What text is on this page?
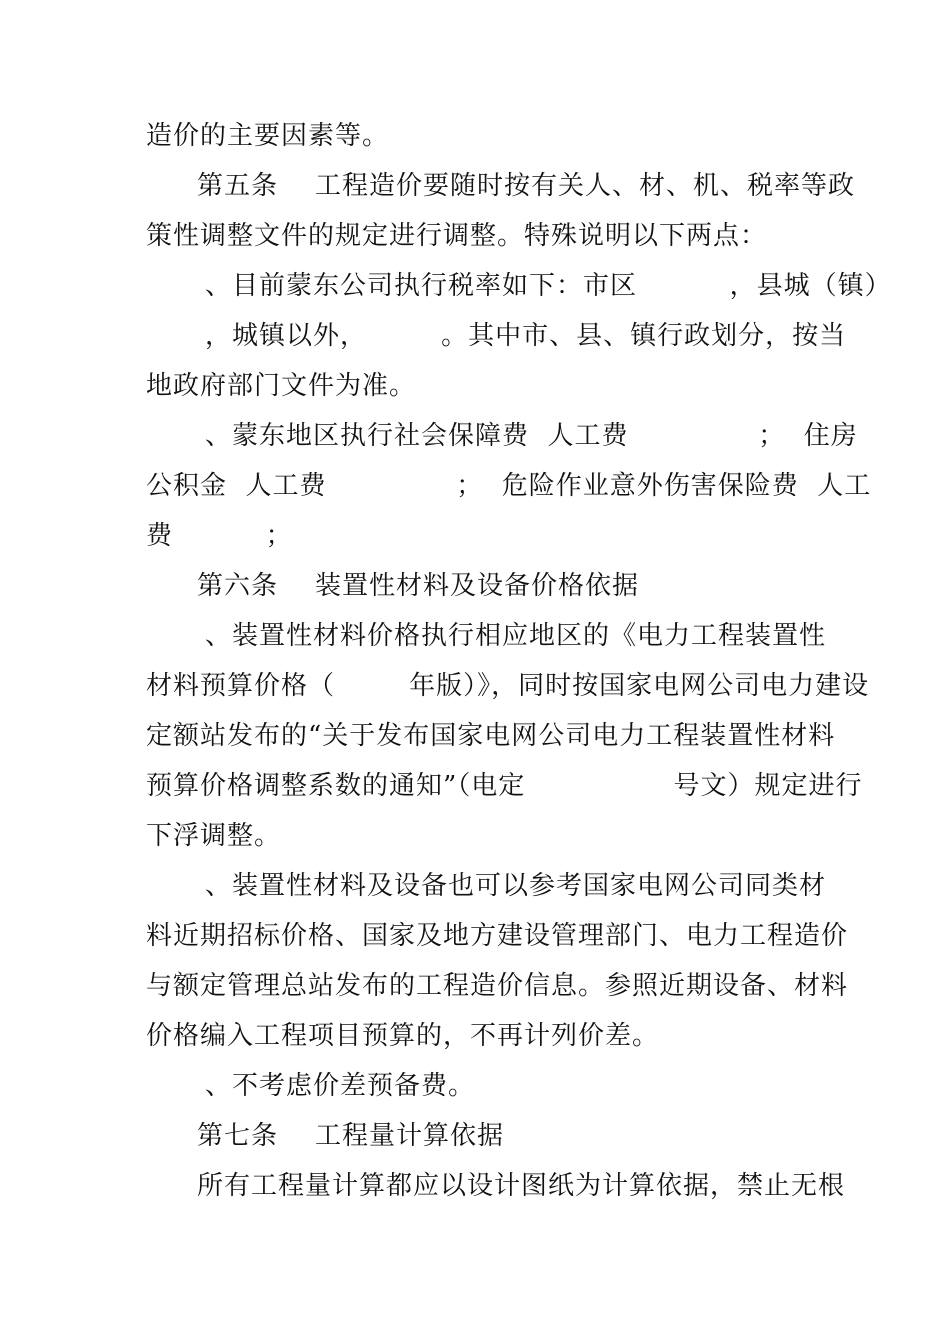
造价的主要因素等。
第五条    工程造价要随时按有关人、材、机、税率等政
策性调整文件的规定进行调整。特殊说明以下两点：
、目前蒙东公司执行税率如下：市区          ，县城（镇）
，城镇以外，        。其中市、县、镇行政划分，按当
地政府部门文件为准。
、蒙东地区执行社会保障费  人工费              ；  住房
公积金  人工费              ；  危险作业意外伤害保险费  人工
费          ；
第六条    装置性材料及设备价格依据
、装置性材料价格执行相应地区的《电力工程装置性
材料预算价格（        年版）》，同时按国家电网公司电力建设
定额站发布的“关于发布国家电网公司电力工程装置性材料
预算价格调整系数的通知”（电定                号文）规定进行
下浮调整。
、装置性材料及设备也可以参考国家电网公司同类材
料近期招标价格、国家及地方建设管理部门、电力工程造价
与额定管理总站发布的工程造价信息。参照近期设备、材料
价格编入工程项目预算的，不再计列价差。
、不考虑价差预备费。
第七条    工程量计算依据
所有工程量计算都应以设计图纸为计算依据，禁止无根
